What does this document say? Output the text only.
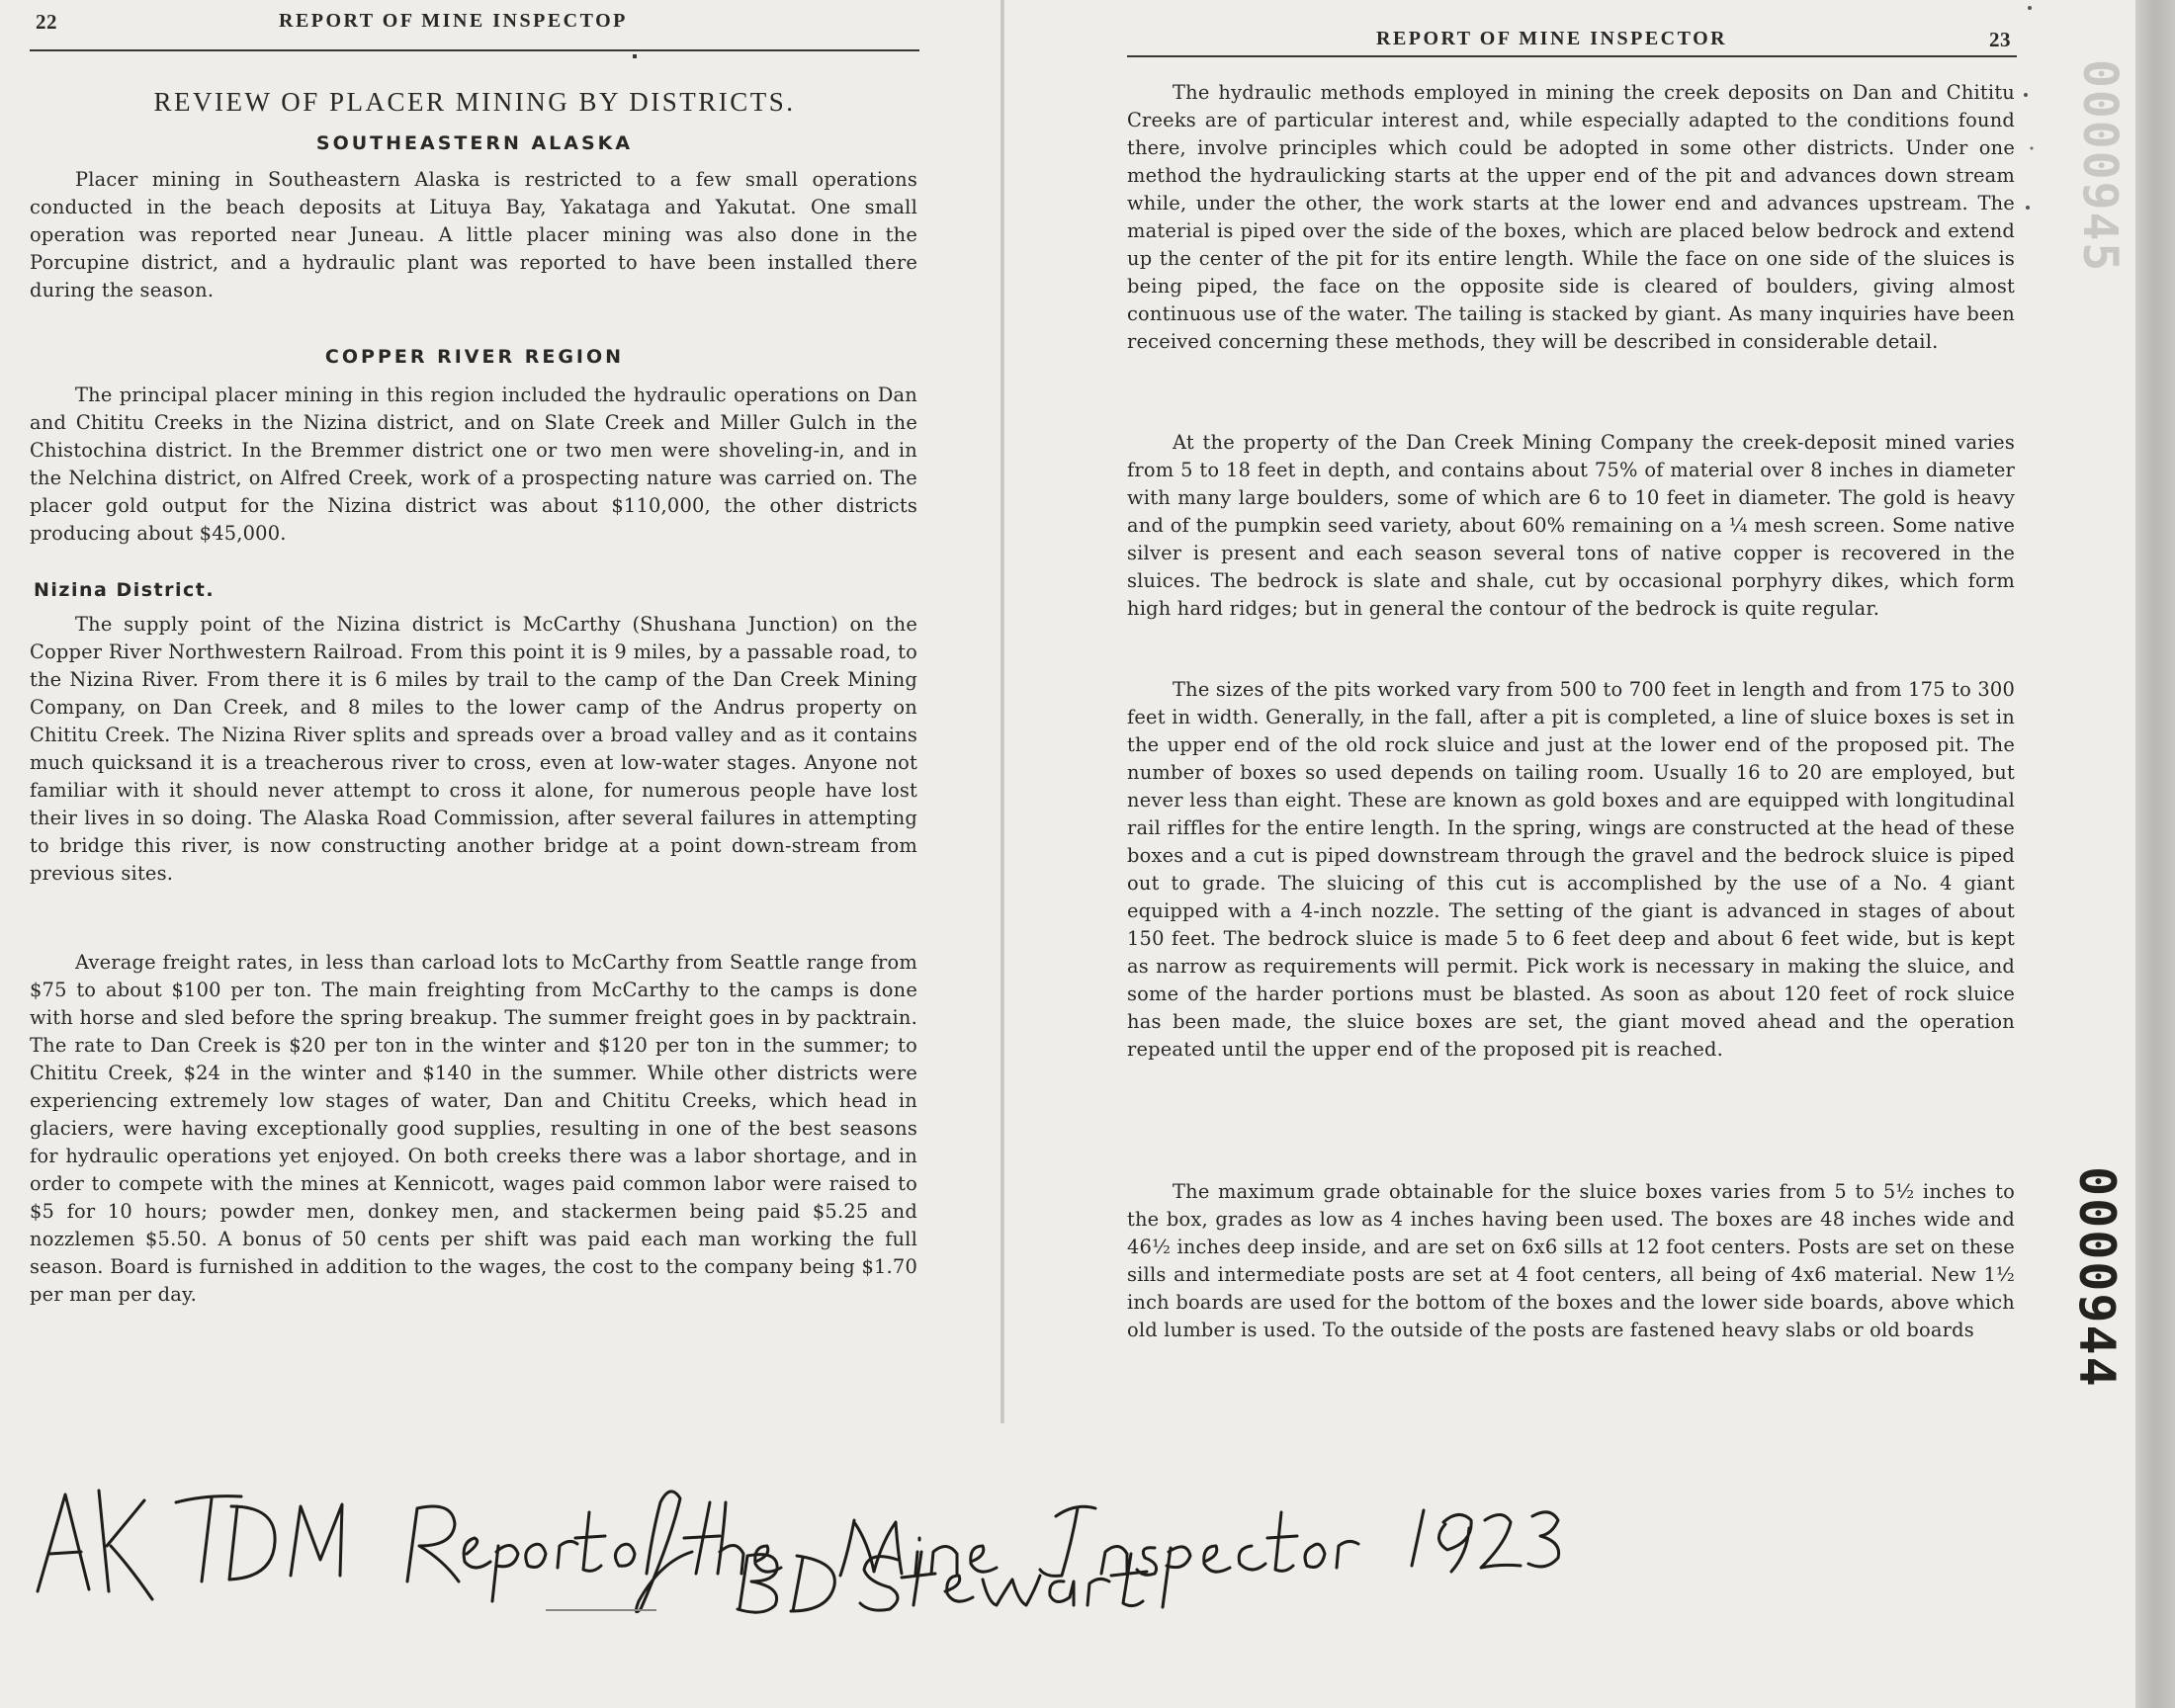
22	REPORT OF MINE INSPECTOP
REVIEW OF PLACER MINING BY DISTRICTS.
SOUTHEASTERN ALASKA

Placer mining in Southeastern Alaska is restricted to a few small operations conducted in the beach deposits at Lituya Bay, Yakataga and Yakutat. One small operation was reported near Juneau. A little placer mining was also done in the Porcupine district, and a hydraulic plant was reported to have been installed there during the season.

COPPER RIVER REGION

The principal placer mining in this region included the hydraulic operations on Dan and Chititu Creeks in the Nizina district, and on Slate Creek and Miller Gulch in the Chistochina district. In the Bremmer district one or two men were shoveling-in, and in the Nelchina district, on Alfred Creek, work of a prospecting nature was carried on. The placer gold output for the Nizina district was about $110,000, the other districts producing about $45,000.

Nizina District.

The supply point of the Nizina district is McCarthy (Shushana Junction) on the Copper River Northwestern Railroad. From this point it is 9 miles, by a passable road, to the Nizina River. From there it is 6 miles by trail to the camp of the Dan Creek Mining Company, on Dan Creek, and 8 miles to the lower camp of the Andrus property on Chititu Creek. The Nizina River splits and spreads over a broad valley and as it contains much quicksand it is a treacherous river to cross, even at low-water stages. Anyone not familiar with it should never attempt to cross it alone, for numerous people have lost their lives in so doing. The Alaska Road Commission, after several failures in attempting to bridge this river, is now constructing another bridge at a point down-stream from previous sites.

Average freight rates, in less than carload lots to McCarthy from Seattle range from $75 to about $100 per ton. The main freighting from McCarthy to the camps is done with horse and sled before the spring breakup. The summer freight goes in by packtrain. The rate to Dan Creek is $20 per ton in the winter and $120 per ton in the summer; to Chititu Creek, $24 in the winter and $140 in the summer. While other districts were experiencing extremely low stages of water, Dan and Chititu Creeks, which head in glaciers, were having exceptionally good supplies, resulting in one of the best seasons for hydraulic operations yet enjoyed. On both creeks there was a labor shortage, and in order to compete with the mines at Kennicott, wages paid common labor were raised to $5 for 10 hours; powder men, donkey men, and stackermen being paid $5.25 and nozzlemen $5.50. A bonus of 50 cents per shift was paid each man working the full season. Board is furnished in addition to the wages, the cost to the company being $1.70 per man per day.

REPORT OF MINE INSPECTOR	23

The hydraulic methods employed in mining the creek deposits on Dan and Chititu Creeks are of particular interest and, while especially adapted to the conditions found there, involve principles which could be adopted in some other districts. Under one method the hydraulicking starts at the upper end of the pit and advances down stream while, under the other, the work starts at the lower end and advances upstream. The material is piped over the side of the boxes, which are placed below bedrock and extend up the center of the pit for its entire length. While the face on one side of the sluices is being piped, the face on the opposite side is cleared of boulders, giving almost continuous use of the water. The tailing is stacked by giant. As many inquiries have been received concerning these methods, they will be described in considerable detail.

At the property of the Dan Creek Mining Company the creek-deposit mined varies from 5 to 18 feet in depth, and contains about 75% of material over 8 inches in diameter with many large boulders, some of which are 6 to 10 feet in diameter. The gold is heavy and of the pumpkin seed variety, about 60% remaining on a ¼ mesh screen. Some native silver is present and each season several tons of native copper is recovered in the sluices. The bedrock is slate and shale, cut by occasional porphyry dikes, which form high hard ridges; but in general the contour of the bedrock is quite regular.

The sizes of the pits worked vary from 500 to 700 feet in length and from 175 to 300 feet in width. Generally, in the fall, after a pit is completed, a line of sluice boxes is set in the upper end of the old rock sluice and just at the lower end of the proposed pit. The number of boxes so used depends on tailing room. Usually 16 to 20 are employed, but never less than eight. These are known as gold boxes and are equipped with longitudinal rail riffles for the entire length. In the spring, wings are constructed at the head of these boxes and a cut is piped downstream through the gravel and the bedrock sluice is piped out to grade. The sluicing of this cut is accomplished by the use of a No. 4 giant equipped with a 4-inch nozzle. The setting of the giant is advanced in stages of about 150 feet. The bedrock sluice is made 5 to 6 feet deep and about 6 feet wide, but is kept as narrow as requirements will permit. Pick work is necessary in making the sluice, and some of the harder portions must be blasted. As soon as about 120 feet of rock sluice has been made, the sluice boxes are set, the giant moved ahead and the operation repeated until the upper end of the proposed pit is reached.

The maximum grade obtainable for the sluice boxes varies from 5 to 5½ inches to the box, grades as low as 4 inches having been used. The boxes are 48 inches wide and 46½ inches deep inside, and are set on 6x6 sills at 12 foot centers. Posts are set on these sills and intermediate posts are set at 4 foot centers, all being of 4x6 material. New 1½ inch boards are used for the bottom of the boxes and the lower side boards, above which old lumber is used. To the outside of the posts are fastened heavy slabs or old boards

0000945
0000944
